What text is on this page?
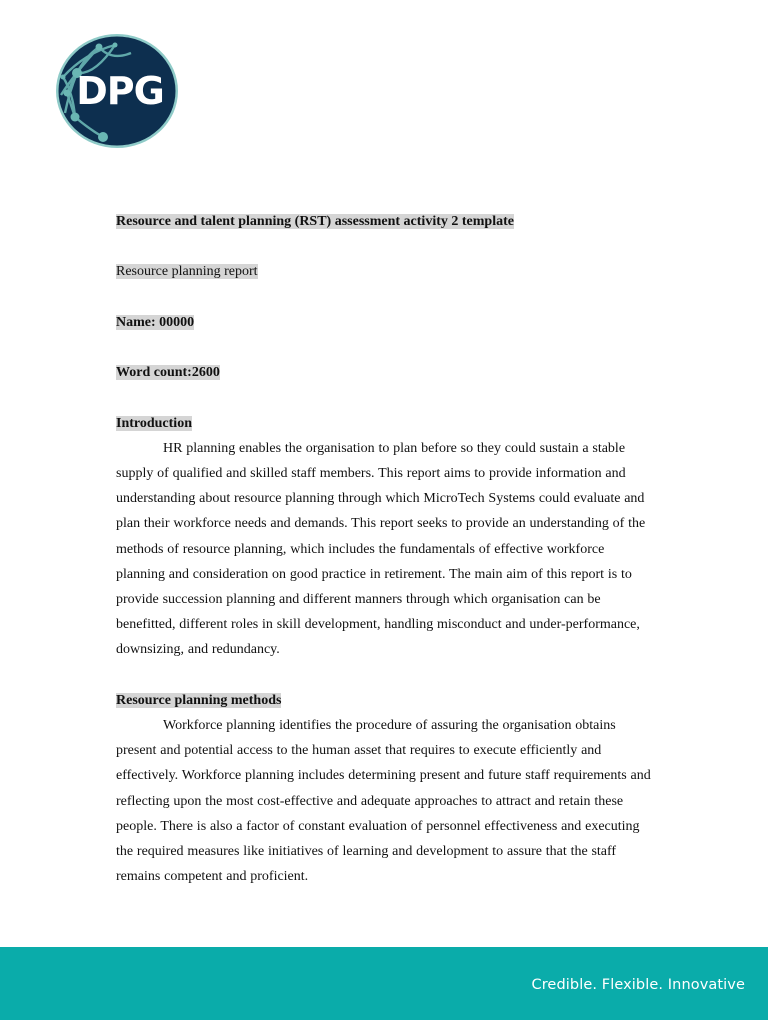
DPG

Resource and talent planning (RST) assessment activity 2 template

Resource planning report

Name: 00000

Word count:2600

Introduction

HR planning enables the organisation to plan before so they could sustain a stable supply of qualified and skilled staff members. This report aims to provide information and understanding about resource planning through which MicroTech Systems could evaluate and plan their workforce needs and demands. This report seeks to provide an understanding of the methods of resource planning, which includes the fundamentals of effective workforce planning and consideration on good practice in retirement. The main aim of this report is to provide succession planning and different manners through which organisation can be benefitted, different roles in skill development, handling misconduct and under-performance, downsizing, and redundancy.

Resource planning methods

Workforce planning identifies the procedure of assuring the organisation obtains present and potential access to the human asset that requires to execute efficiently and effectively. Workforce planning includes determining present and future staff requirements and reflecting upon the most cost-effective and adequate approaches to attract and retain these people. There is also a factor of constant evaluation of personnel effectiveness and executing the required measures like initiatives of learning and development to assure that the staff remains competent and proficient.

Credible. Flexible. Innovative
